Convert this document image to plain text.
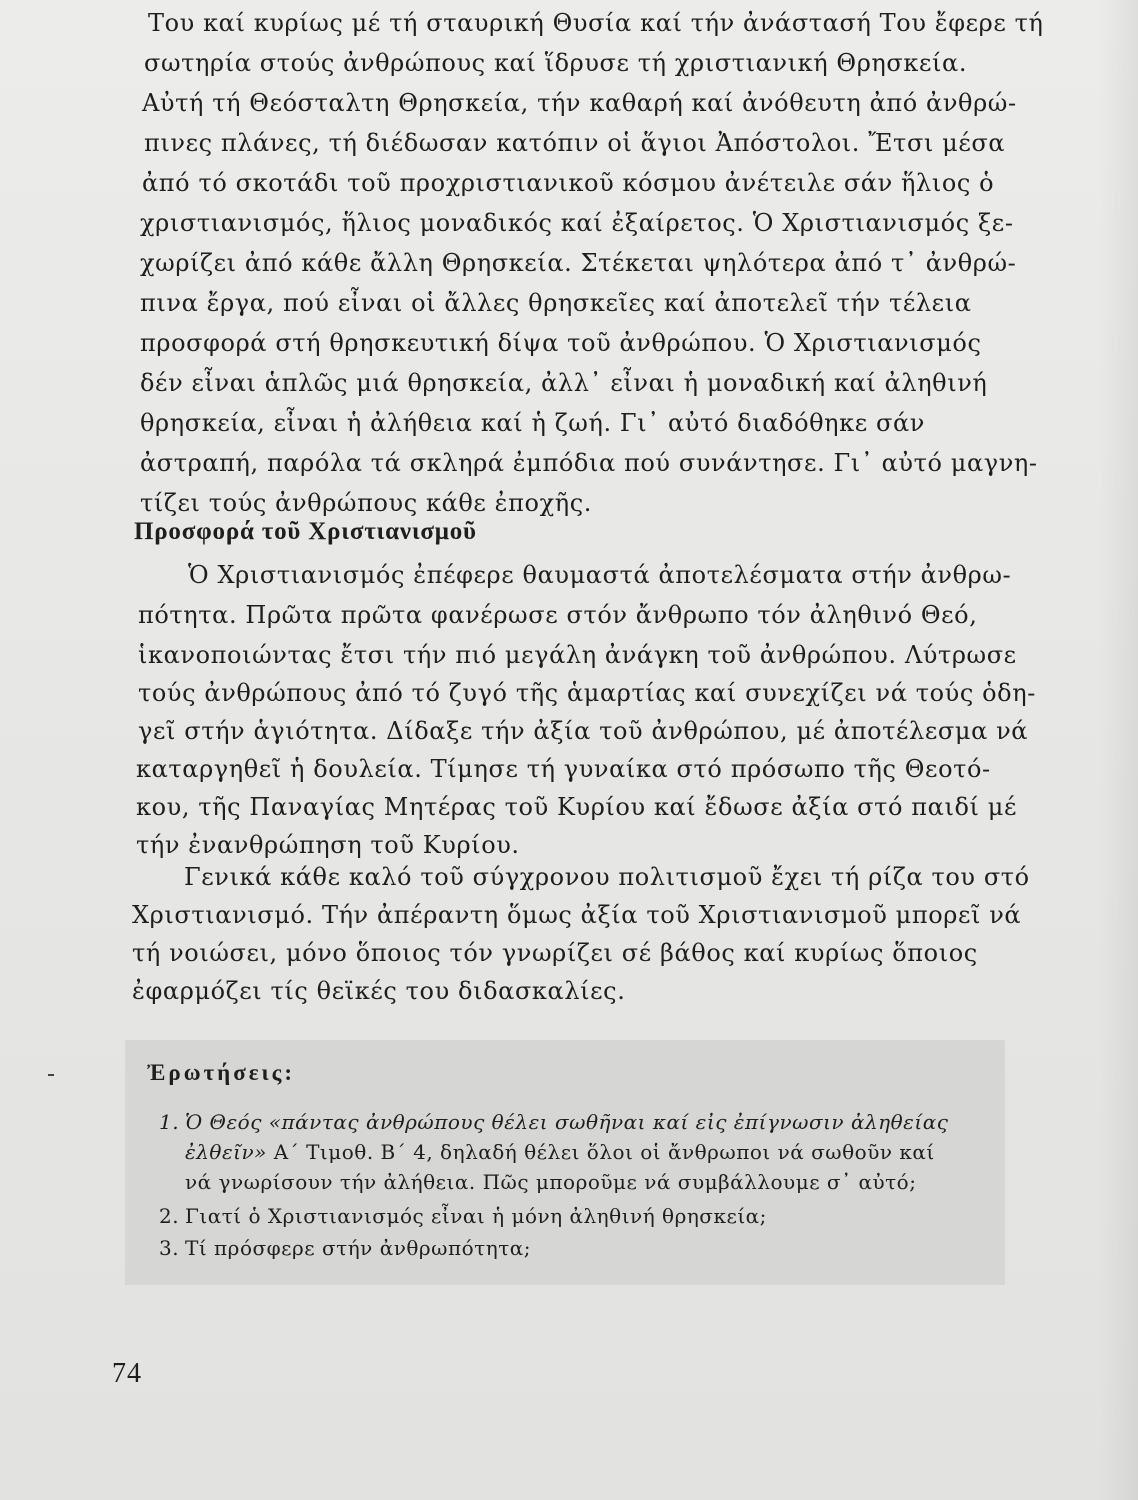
Του καί κυρίως μέ τή σταυρική Θυσία καί τήν ἀνάστασή Του ἔφερε τή
σωτηρία στούς ἀνθρώπους καί ἵδρυσε τή χριστιανική Θρησκεία.
Αὐτή τή Θεόσταλτη Θρησκεία, τήν καθαρή καί ἀνόθευτη ἀπό ἀνθρώ-
πινες πλάνες, τή διέδωσαν κατόπιν οἱ ἅγιοι Ἀπόστολοι. Ἔτσι μέσα
ἀπό τό σκοτάδι τοῦ προχριστιανικοῦ κόσμου ἀνέτειλε σάν ἥλιος ὁ
χριστιανισμός, ἥλιος μοναδικός καί ἐξαίρετος. Ὁ Χριστιανισμός ξε-
χωρίζει ἀπό κάθε ἄλλη Θρησκεία. Στέκεται ψηλότερα ἀπό τ᾽ ἀνθρώ-
πινα ἔργα, πού εἶναι οἱ ἄλλες θρησκεῖες καί ἀποτελεῖ τήν τέλεια
προσφορά στή θρησκευτική δίψα τοῦ ἀνθρώπου. Ὁ Χριστιανισμός
δέν εἶναι ἁπλῶς μιά θρησκεία, ἀλλ᾽ εἶναι ἡ μοναδική καί ἀληθινή
θρησκεία, εἶναι ἡ ἀλήθεια καί ἡ ζωή. Γι᾽ αὐτό διαδόθηκε σάν
ἀστραπή, παρόλα τά σκληρά ἐμπόδια πού συνάντησε. Γι᾽ αὐτό μαγνη-
τίζει τούς ἀνθρώπους κάθε ἐποχῆς.
Προσφορά τοῦ Χριστιανισμοῦ
Ὁ Χριστιανισμός ἐπέφερε θαυμαστά ἀποτελέσματα στήν ἀνθρω-
πότητα. Πρῶτα πρῶτα φανέρωσε στόν ἄνθρωπο τόν ἀληθινό Θεό,
ἱκανοποιώντας ἔτσι τήν πιό μεγάλη ἀνάγκη τοῦ ἀνθρώπου. Λύτρωσε
τούς ἀνθρώπους ἀπό τό ζυγό τῆς ἁμαρτίας καί συνεχίζει νά τούς ὁδη-
γεῖ στήν ἁγιότητα. Δίδαξε τήν ἀξία τοῦ ἀνθρώπου, μέ ἀποτέλεσμα νά
καταργηθεῖ ἡ δουλεία. Τίμησε τή γυναίκα στό πρόσωπο τῆς Θεοτό-
κου, τῆς Παναγίας Μητέρας τοῦ Κυρίου καί ἔδωσε ἀξία στό παιδί μέ
τήν ἐνανθρώπηση τοῦ Κυρίου.
Γενικά κάθε καλό τοῦ σύγχρονου πολιτισμοῦ ἔχει τή ρίζα του στό
Χριστιανισμό. Τήν ἀπέραντη ὅμως ἀξία τοῦ Χριστιανισμοῦ μπορεῖ νά
τή νοιώσει, μόνο ὅποιος τόν γνωρίζει σέ βάθος καί κυρίως ὅποιος
ἐφαρμόζει τίς θεϊκές του διδασκαλίες.
Ἐρωτήσεις:
1. Ὁ Θεός «πάντας ἀνθρώπους θέλει σωθῆναι καί εἰς ἐπίγνωσιν ἀληθείας
ἐλθεῖν» Α΄ Τιμοθ. Β΄ 4, δηλαδή θέλει ὅλοι οἱ ἄνθρωποι νά σωθοῦν καί
νά γνωρίσουν τήν ἀλήθεια. Πῶς μποροῦμε νά συμβάλλουμε σ᾽ αὐτό;
2. Γιατί ὁ Χριστιανισμός εἶναι ἡ μόνη ἀληθινή θρησκεία;
3. Τί πρόσφερε στήν ἀνθρωπότητα;
74
